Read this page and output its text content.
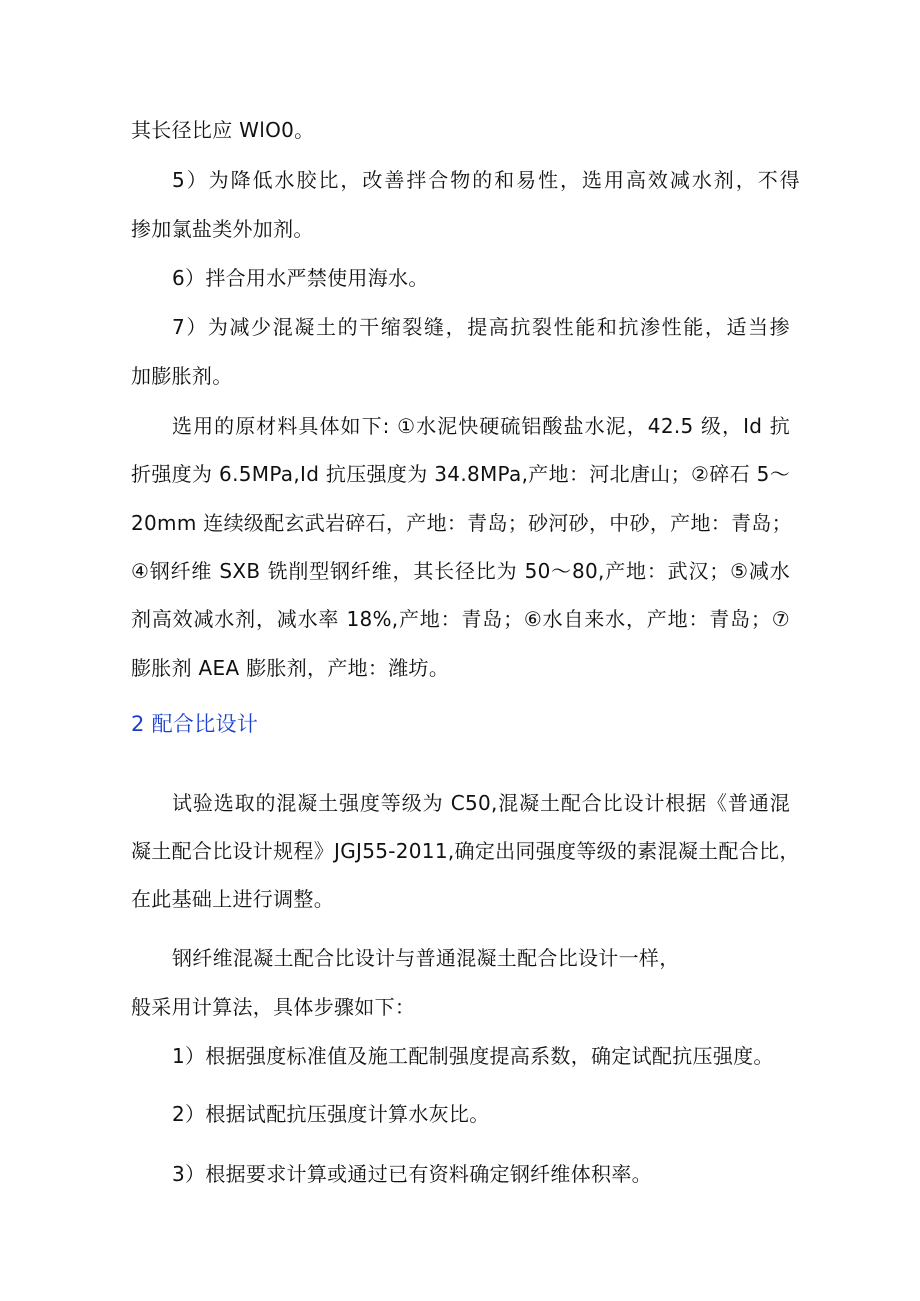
其长径比应 WlO0。
5）为降低水胶比，改善拌合物的和易性，选用高效减水剂，不得
掺加氯盐类外加剂。
6）拌合用水严禁使用海水。
7）为减少混凝土的干缩裂缝，提高抗裂性能和抗渗性能，适当掺
加膨胀剂。
选用的原材料具体如下: ①水泥快硬硫铝酸盐水泥，42.5 级，Id 抗
折强度为 6.5MPa,Id 抗压强度为 34.8MPa,产地：河北唐山；②碎石 5～
20mm 连续级配玄武岩碎石，产地：青岛；砂河砂，中砂，产地：青岛；
④钢纤维 SXB 铣削型钢纤维，其长径比为 50～80,产地：武汉；⑤减水
剂高效减水剂，减水率 18%,产地：青岛；⑥水自来水，产地：青岛；⑦
膨胀剂 AEA 膨胀剂，产地：潍坊。
2 配合比设计
试验选取的混凝土强度等级为 C50,混凝土配合比设计根据《普通混
凝土配合比设计规程》JGJ55-2011,确定出同强度等级的素混凝土配合比，
在此基础上进行调整。
钢纤维混凝土配合比设计与普通混凝土配合比设计一样，
般采用计算法，具体步骤如下：
1）根据强度标准值及施工配制强度提高系数，确定试配抗压强度。
2）根据试配抗压强度计算水灰比。
3）根据要求计算或通过已有资料确定钢纤维体积率。
